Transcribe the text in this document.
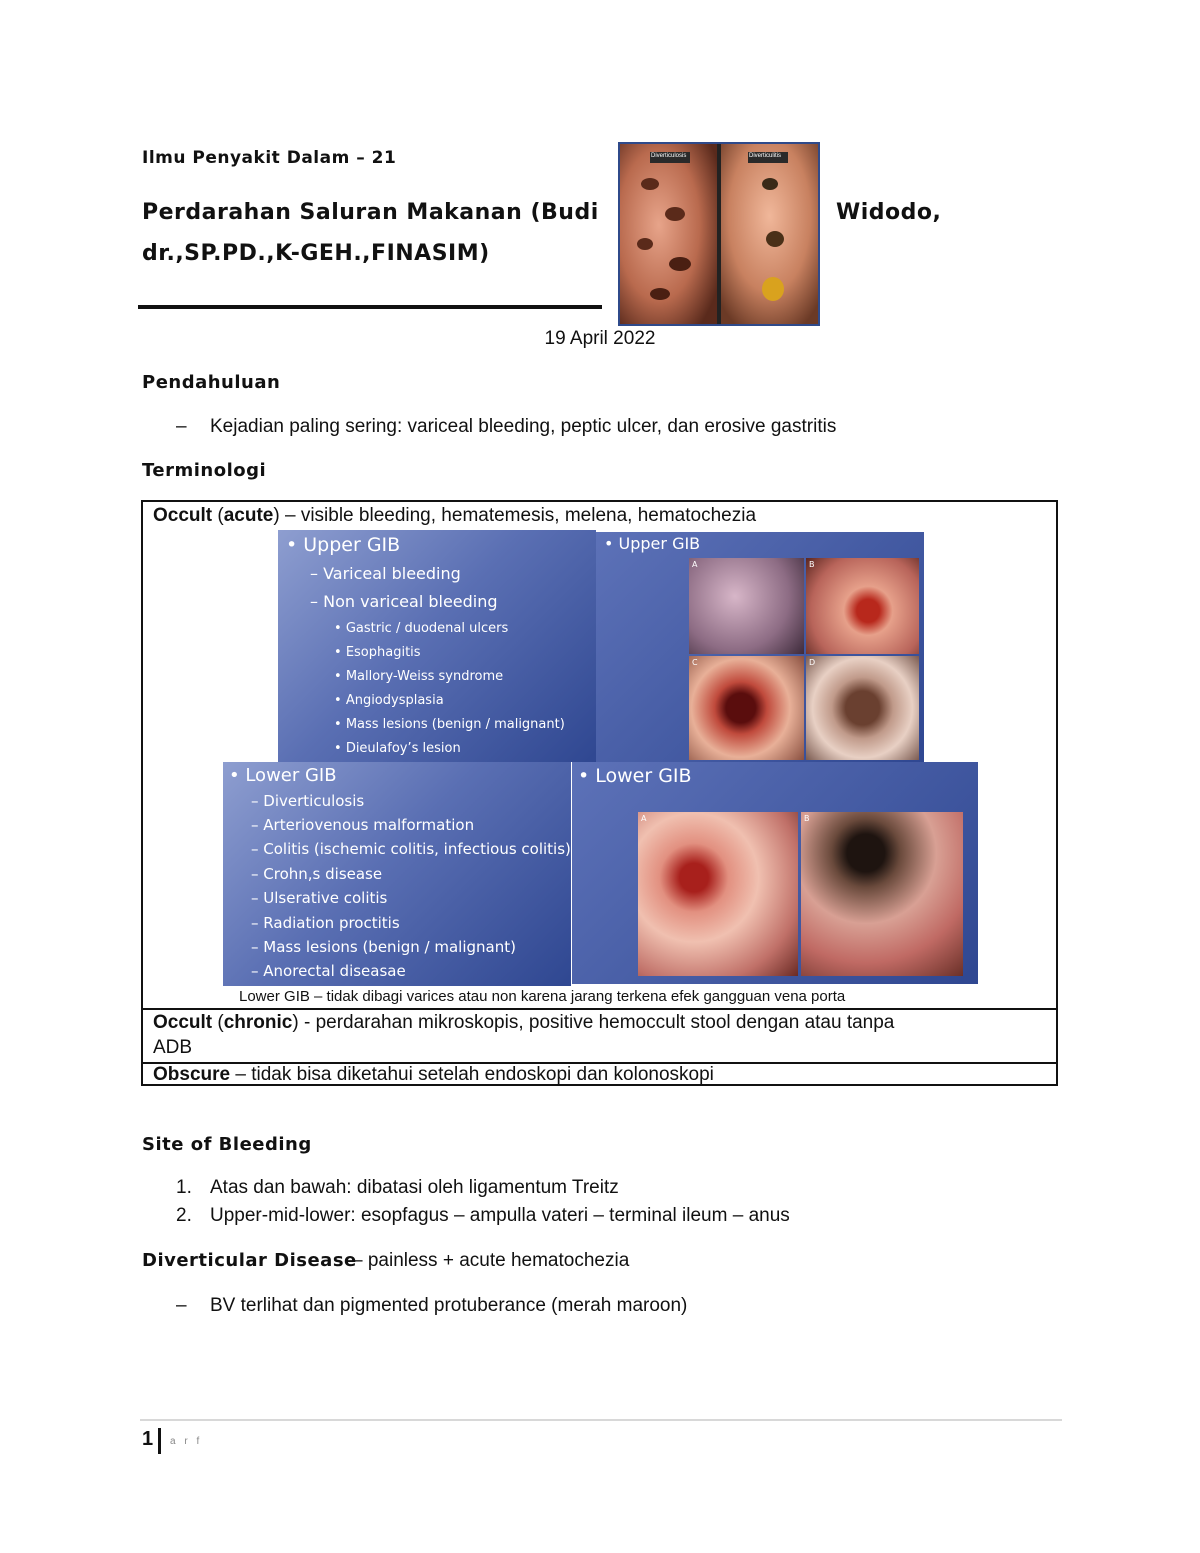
Ilmu Penyakit Dalam – 21
Perdarahan Saluran Makanan (Budi	Widodo,
dr.,SP.PD.,K-GEH.,FINASIM)
Diverticulosis	Diverticulitis
19 April 2022
Pendahuluan
– Kejadian paling sering: variceal bleeding, peptic ulcer, dan erosive gastritis
Terminologi
Occult (acute) – visible bleeding, hematemesis, melena, hematochezia
• Upper GIB
– Variceal bleeding
– Non variceal bleeding
• Gastric / duodenal ulcers
• Esophagitis
• Mallory-Weiss syndrome
• Angiodysplasia
• Mass lesions (benign / malignant)
• Dieulafoy’s lesion
• Upper GIB
A	B
C	D
• Lower GIB
– Diverticulosis
– Arteriovenous malformation
– Colitis (ischemic colitis, infectious colitis)
– Crohn,s disease
– Ulserative colitis
– Radiation proctitis
– Mass lesions (benign / malignant)
– Anorectal diseasae
• Lower GIB
A	B
Lower GIB – tidak dibagi varices atau non karena jarang terkena efek gangguan vena porta
Occult (chronic) - perdarahan mikroskopis, positive hemoccult stool dengan atau tanpa
ADB
Obscure – tidak bisa diketahui setelah endoskopi dan kolonoskopi
Site of Bleeding
1. Atas dan bawah: dibatasi oleh ligamentum Treitz
2. Upper-mid-lower: esopfagus – ampulla vateri – terminal ileum – anus
Diverticular Disease
– painless + acute hematochezia
– BV terlihat dan pigmented protuberance (merah maroon)
1 a r f
